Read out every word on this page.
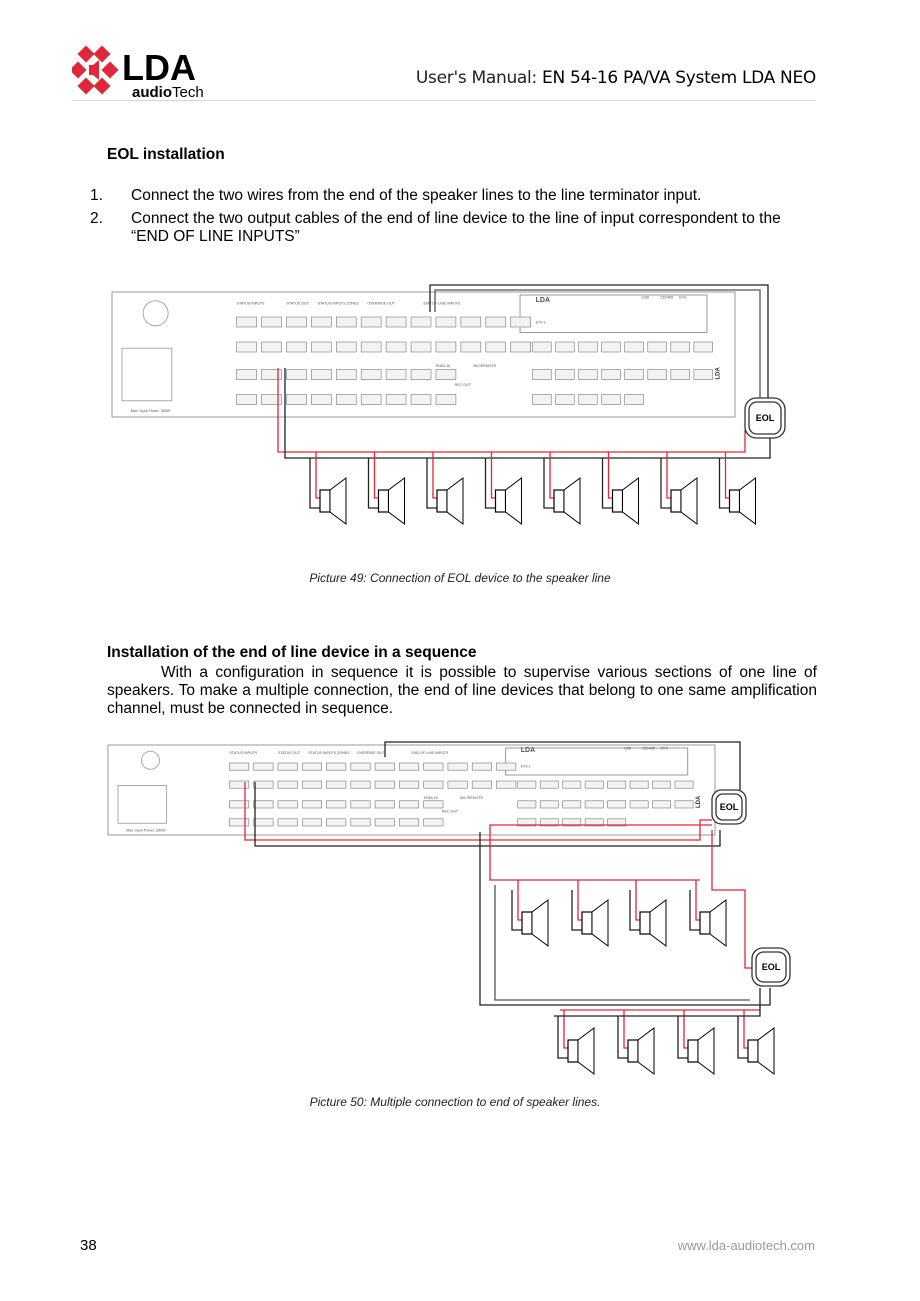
LDA
audioTech
User's Manual: EN 54-16 PA/VA System LDA NEO
EOL installation
1. Connect the two wires from the end of the speaker lines to the line terminator input.
2. Connect the two output cables of the end of line device to the line of input correspondent to the “END OF LINE INPUTS”
STATUS INPUTS	STATUS OUT STATUS INPUTS ZONES OVERRIDE OUT	END OF LINE INPUTS	LDA
ETX-1
USB	232/485 CFG
REC OUT
MIC/REMOTE
EN54-16
Max. Input Power: 350W
LDA
EOL
STATUS INPUTS	STATUS OUT STATUS INPUTS ZONES OVERRIDE OUT	END OF LINE INPUTS	LDA
ETX-1
USB	232/485 CFG
REC OUT
MIC/REMOTE
EN54-16
Max. Input Power: 350W
LDA EOL
EOL
Picture 49: Connection of EOL device to the speaker line
Installation of the end of line device in a sequence
With a configuration in sequence it is possible to supervise various sections of one line of speakers. To make a multiple connection, the end of line devices that belong to one same amplification channel, must be connected in sequence.
Picture 50: Multiple connection to end of speaker lines.
38	www.lda-audiotech.com
